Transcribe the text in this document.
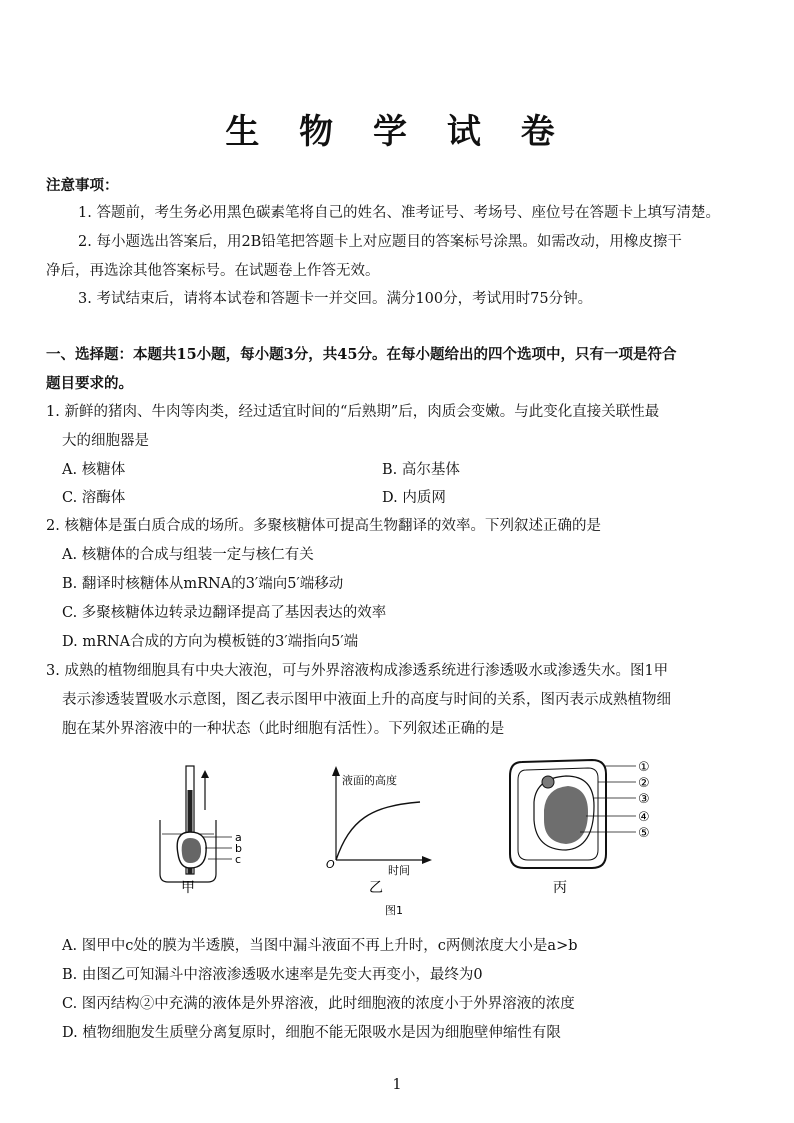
生 物 学 试 卷
注意事项：
1. 答题前，考生务必用黑色碳素笔将自己的姓名、准考证号、考场号、座位号在答题卡上填写清楚。
2. 每小题选出答案后，用2B铅笔把答题卡上对应题目的答案标号涂黑。如需改动，用橡皮擦干
净后，再选涂其他答案标号。在试题卷上作答无效。
3. 考试结束后，请将本试卷和答题卡一并交回。满分100分，考试用时75分钟。
一、选择题：本题共15小题，每小题3分，共45分。在每小题给出的四个选项中，只有一项是符合
题目要求的。
1. 新鲜的猪肉、牛肉等肉类，经过适宜时间的“后熟期”后，肉质会变嫩。与此变化直接关联性最
大的细胞器是
A. 核糖体	B. 高尔基体
C. 溶酶体	D. 内质网
2. 核糖体是蛋白质合成的场所。多聚核糖体可提高生物翻译的效率。下列叙述正确的是
A. 核糖体的合成与组装一定与核仁有关
B. 翻译时核糖体从mRNA的3′端向5′端移动
C. 多聚核糖体边转录边翻译提高了基因表达的效率
D. mRNA合成的方向为模板链的3′端指向5′端
3. 成熟的植物细胞具有中央大液泡，可与外界溶液构成渗透系统进行渗透吸水或渗透失水。图1甲
表示渗透装置吸水示意图，图乙表示图甲中液面上升的高度与时间的关系，图丙表示成熟植物细
胞在某外界溶液中的一种状态（此时细胞有活性）。下列叙述正确的是
a
b
c
甲
液面的高度
时间
O
乙
①
②
③
④
⑤
丙
图1
A. 图甲中c处的膜为半透膜，当图中漏斗液面不再上升时，c两侧浓度大小是a>b
B. 由图乙可知漏斗中溶液渗透吸水速率是先变大再变小，最终为0
C. 图丙结构②中充满的液体是外界溶液，此时细胞液的浓度小于外界溶液的浓度
D. 植物细胞发生质壁分离复原时，细胞不能无限吸水是因为细胞壁伸缩性有限
1
